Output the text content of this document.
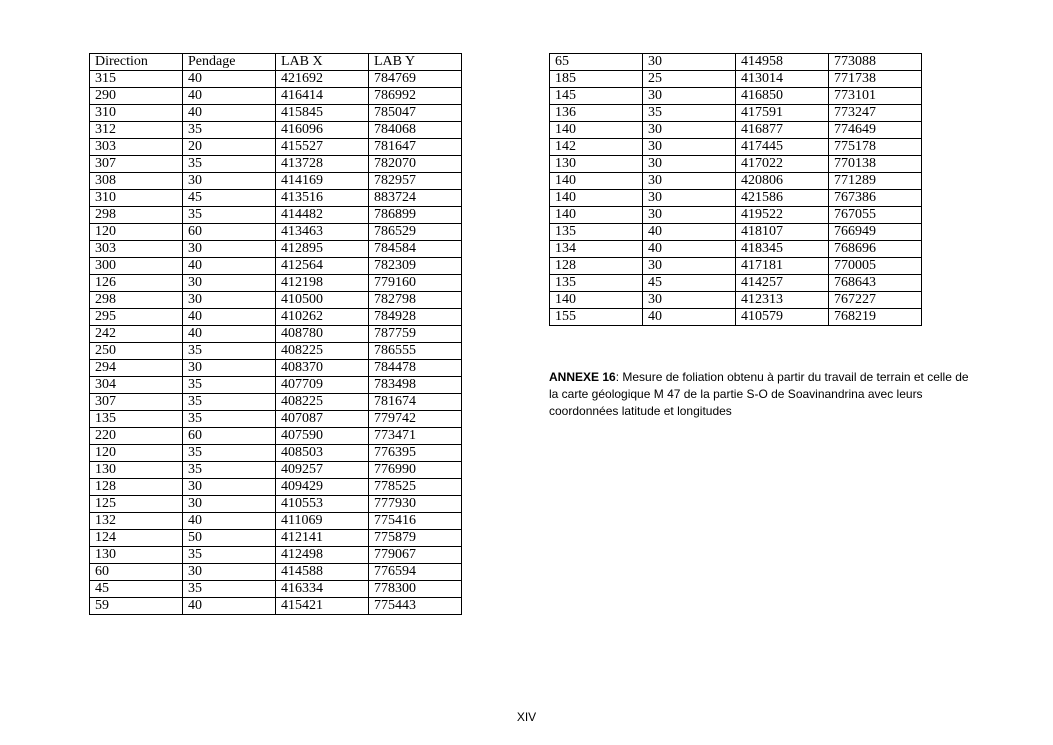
Direction	Pendage	LAB X	LAB Y
315	40	421692	784769
290	40	416414	786992
310	40	415845	785047
312	35	416096	784068
303	20	415527	781647
307	35	413728	782070
308	30	414169	782957
310	45	413516	883724
298	35	414482	786899
120	60	413463	786529
303	30	412895	784584
300	40	412564	782309
126	30	412198	779160
298	30	410500	782798
295	40	410262	784928
242	40	408780	787759
250	35	408225	786555
294	30	408370	784478
304	35	407709	783498
307	35	408225	781674
135	35	407087	779742
220	60	407590	773471
120	35	408503	776395
130	35	409257	776990
128	30	409429	778525
125	30	410553	777930
132	40	411069	775416
124	50	412141	775879
130	35	412498	779067
60	30	414588	776594
45	35	416334	778300
59	40	415421	775443
65	30	414958	773088
185	25	413014	771738
145	30	416850	773101
136	35	417591	773247
140	30	416877	774649
142	30	417445	775178
130	30	417022	770138
140	30	420806	771289
140	30	421586	767386
140	30	419522	767055
135	40	418107	766949
134	40	418345	768696
128	30	417181	770005
135	45	414257	768643
140	30	412313	767227
155	40	410579	768219
ANNEXE 16: Mesure de foliation obtenu à partir du travail de terrain et celle de la carte géologique M 47 de la partie S-O de Soavinandrina avec leurs coordonnées latitude et longitudes
XIV
